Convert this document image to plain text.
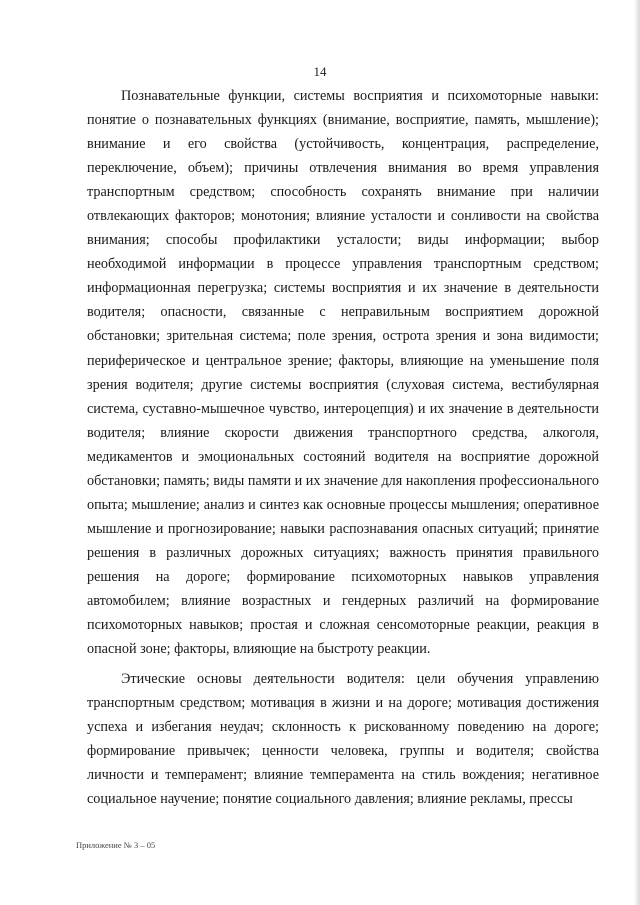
14

Познавательные функции, системы восприятия и психомоторные навыки: понятие о познавательных функциях (внимание, восприятие, память, мышление); внимание и его свойства (устойчивость, концентрация, распределение, переключение, объем); причины отвлечения внимания во время управления транспортным средством; способность сохранять внимание при наличии отвлекающих факторов; монотония; влияние усталости и сонливости на свойства внимания; способы профилактики усталости; виды информации; выбор необходимой информации в процессе управления транспортным средством; информационная перегрузка; системы восприятия и их значение в деятельности водителя; опасности, связанные с неправильным восприятием дорожной обстановки; зрительная система; поле зрения, острота зрения и зона видимости; периферическое и центральное зрение; факторы, влияющие на уменьшение поля зрения водителя; другие системы восприятия (слуховая система, вестибулярная система, суставно-мышечное чувство, интероцепция) и их значение в деятельности водителя; влияние скорости движения транспортного средства, алкоголя, медикаментов и эмоциональных состояний водителя на восприятие дорожной обстановки; память; виды памяти и их значение для накопления профессионального опыта; мышление; анализ и синтез как основные процессы мышления; оперативное мышление и прогнозирование; навыки распознавания опасных ситуаций; принятие решения в различных дорожных ситуациях; важность принятия правильного решения на дороге; формирование психомоторных навыков управления автомобилем; влияние возрастных и гендерных различий на формирование психомоторных навыков; простая и сложная сенсомоторные реакции, реакция в опасной зоне; факторы, влияющие на быстроту реакции.

Этические основы деятельности водителя: цели обучения управлению транспортным средством; мотивация в жизни и на дороге; мотивация достижения успеха и избегания неудач; склонность к рискованному поведению на дороге; формирование привычек; ценности человека, группы и водителя; свойства личности и темперамент; влияние темперамента на стиль вождения; негативное социальное научение; понятие социального давления; влияние рекламы, прессы

Приложение № 3 – 05
